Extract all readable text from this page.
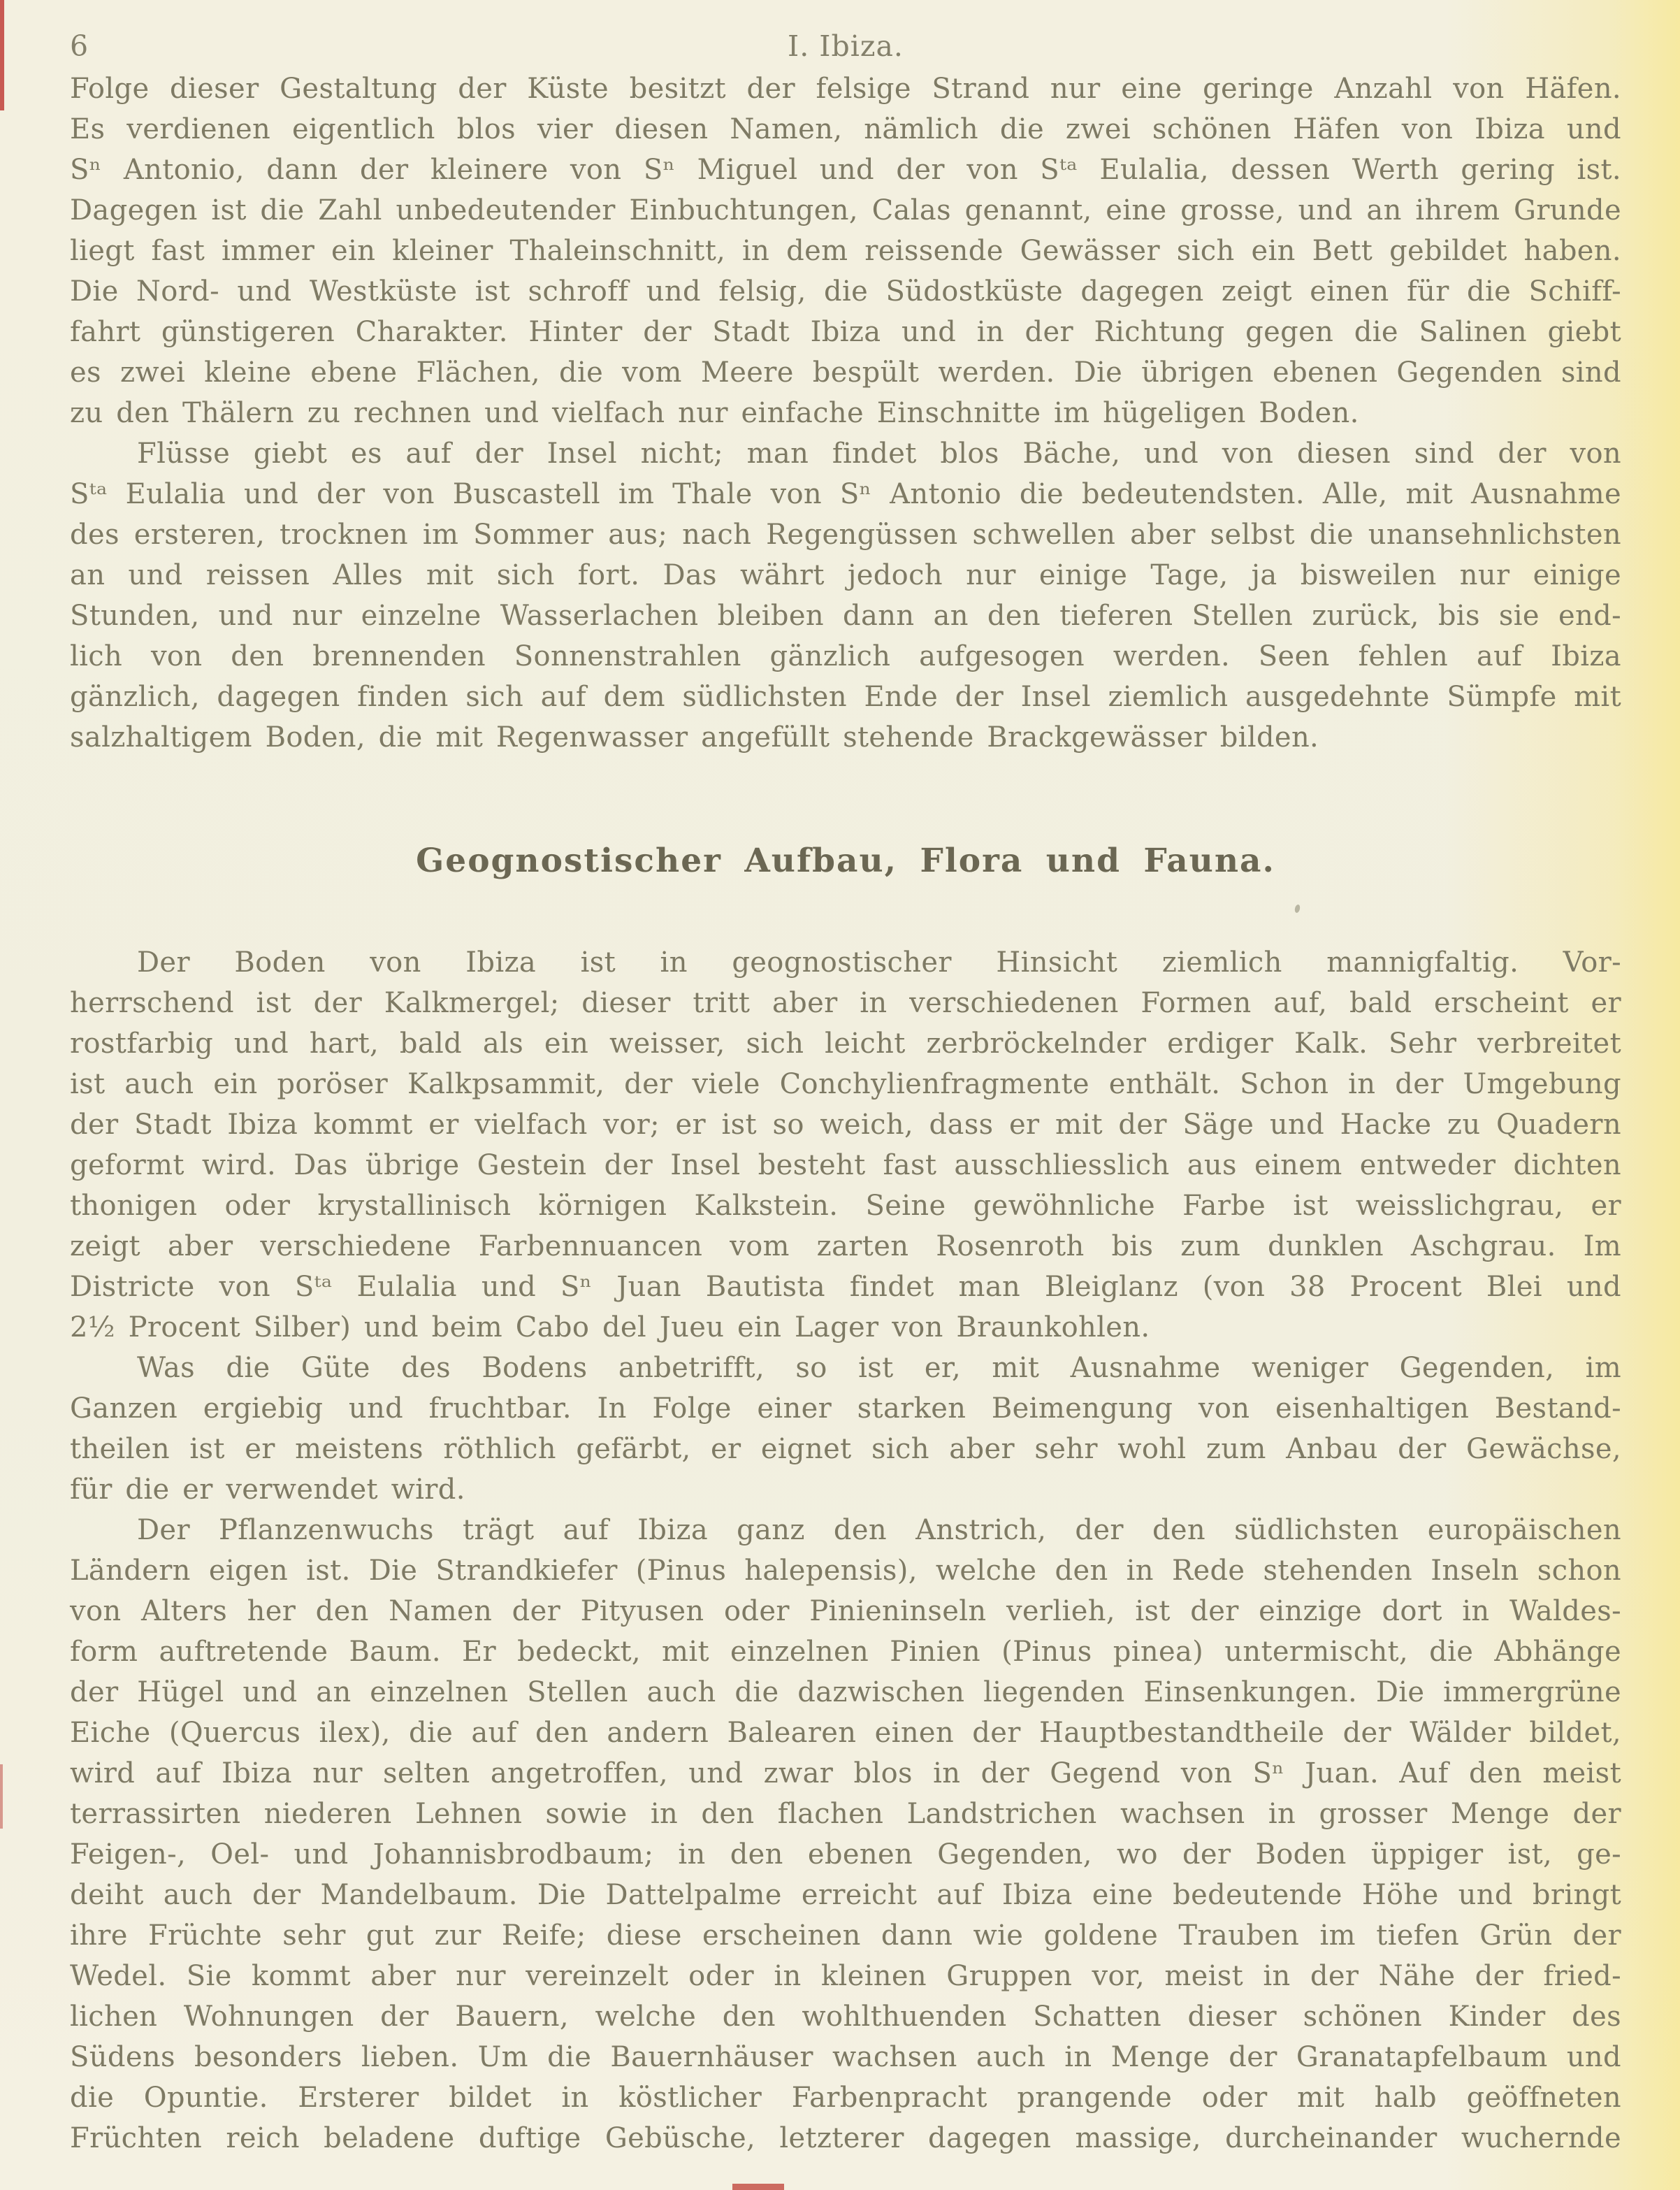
6	I. Ibiza.
Folge dieser Gestaltung der Küste besitzt der felsige Strand nur eine geringe Anzahl von Häfen.
Es verdienen eigentlich blos vier diesen Namen, nämlich die zwei schönen Häfen von Ibiza und
Sⁿ Antonio, dann der kleinere von Sⁿ Miguel und der von Sᵗᵃ Eulalia, dessen Werth gering ist.
Dagegen ist die Zahl unbedeutender Einbuchtungen, Calas genannt, eine grosse, und an ihrem Grunde
liegt fast immer ein kleiner Thaleinschnitt, in dem reissende Gewässer sich ein Bett gebildet haben.
Die Nord- und Westküste ist schroff und felsig, die Südostküste dagegen zeigt einen für die Schiff-
fahrt günstigeren Charakter. Hinter der Stadt Ibiza und in der Richtung gegen die Salinen giebt
es zwei kleine ebene Flächen, die vom Meere bespült werden. Die übrigen ebenen Gegenden sind
zu den Thälern zu rechnen und vielfach nur einfache Einschnitte im hügeligen Boden.
Flüsse giebt es auf der Insel nicht; man findet blos Bäche, und von diesen sind der von
Sᵗᵃ Eulalia und der von Buscastell im Thale von Sⁿ Antonio die bedeutendsten. Alle, mit Ausnahme
des ersteren, trocknen im Sommer aus; nach Regengüssen schwellen aber selbst die unansehnlichsten
an und reissen Alles mit sich fort. Das währt jedoch nur einige Tage, ja bisweilen nur einige
Stunden, und nur einzelne Wasserlachen bleiben dann an den tieferen Stellen zurück, bis sie end-
lich von den brennenden Sonnenstrahlen gänzlich aufgesogen werden. Seen fehlen auf Ibiza
gänzlich, dagegen finden sich auf dem südlichsten Ende der Insel ziemlich ausgedehnte Sümpfe mit
salzhaltigem Boden, die mit Regenwasser angefüllt stehende Brackgewässer bilden.
Geognostischer Aufbau, Flora und Fauna.
Der Boden von Ibiza ist in geognostischer Hinsicht ziemlich mannigfaltig. Vor-
herrschend ist der Kalkmergel; dieser tritt aber in verschiedenen Formen auf, bald erscheint er
rostfarbig und hart, bald als ein weisser, sich leicht zerbröckelnder erdiger Kalk. Sehr verbreitet
ist auch ein poröser Kalkpsammit, der viele Conchylienfragmente enthält. Schon in der Umgebung
der Stadt Ibiza kommt er vielfach vor; er ist so weich, dass er mit der Säge und Hacke zu Quadern
geformt wird. Das übrige Gestein der Insel besteht fast ausschliesslich aus einem entweder dichten
thonigen oder krystallinisch körnigen Kalkstein. Seine gewöhnliche Farbe ist weisslichgrau, er
zeigt aber verschiedene Farbennuancen vom zarten Rosenroth bis zum dunklen Aschgrau. Im
Districte von Sᵗᵃ Eulalia und Sⁿ Juan Bautista findet man Bleiglanz (von 38 Procent Blei und
2½ Procent Silber) und beim Cabo del Jueu ein Lager von Braunkohlen.
Was die Güte des Bodens anbetrifft, so ist er, mit Ausnahme weniger Gegenden, im
Ganzen ergiebig und fruchtbar. In Folge einer starken Beimengung von eisenhaltigen Bestand-
theilen ist er meistens röthlich gefärbt, er eignet sich aber sehr wohl zum Anbau der Gewächse,
für die er verwendet wird.
Der Pflanzenwuchs trägt auf Ibiza ganz den Anstrich, der den südlichsten europäischen
Ländern eigen ist. Die Strandkiefer (Pinus halepensis), welche den in Rede stehenden Inseln schon
von Alters her den Namen der Pityusen oder Pinieninseln verlieh, ist der einzige dort in Waldes-
form auftretende Baum. Er bedeckt, mit einzelnen Pinien (Pinus pinea) untermischt, die Abhänge
der Hügel und an einzelnen Stellen auch die dazwischen liegenden Einsenkungen. Die immergrüne
Eiche (Quercus ilex), die auf den andern Balearen einen der Hauptbestandtheile der Wälder bildet,
wird auf Ibiza nur selten angetroffen, und zwar blos in der Gegend von Sⁿ Juan. Auf den meist
terrassirten niederen Lehnen sowie in den flachen Landstrichen wachsen in grosser Menge der
Feigen-, Oel- und Johannisbrodbaum; in den ebenen Gegenden, wo der Boden üppiger ist, ge-
deiht auch der Mandelbaum. Die Dattelpalme erreicht auf Ibiza eine bedeutende Höhe und bringt
ihre Früchte sehr gut zur Reife; diese erscheinen dann wie goldene Trauben im tiefen Grün der
Wedel. Sie kommt aber nur vereinzelt oder in kleinen Gruppen vor, meist in der Nähe der fried-
lichen Wohnungen der Bauern, welche den wohlthuenden Schatten dieser schönen Kinder des
Südens besonders lieben. Um die Bauernhäuser wachsen auch in Menge der Granatapfelbaum und
die Opuntie. Ersterer bildet in köstlicher Farbenpracht prangende oder mit halb geöffneten
Früchten reich beladene duftige Gebüsche, letzterer dagegen massige, durcheinander wuchernde
